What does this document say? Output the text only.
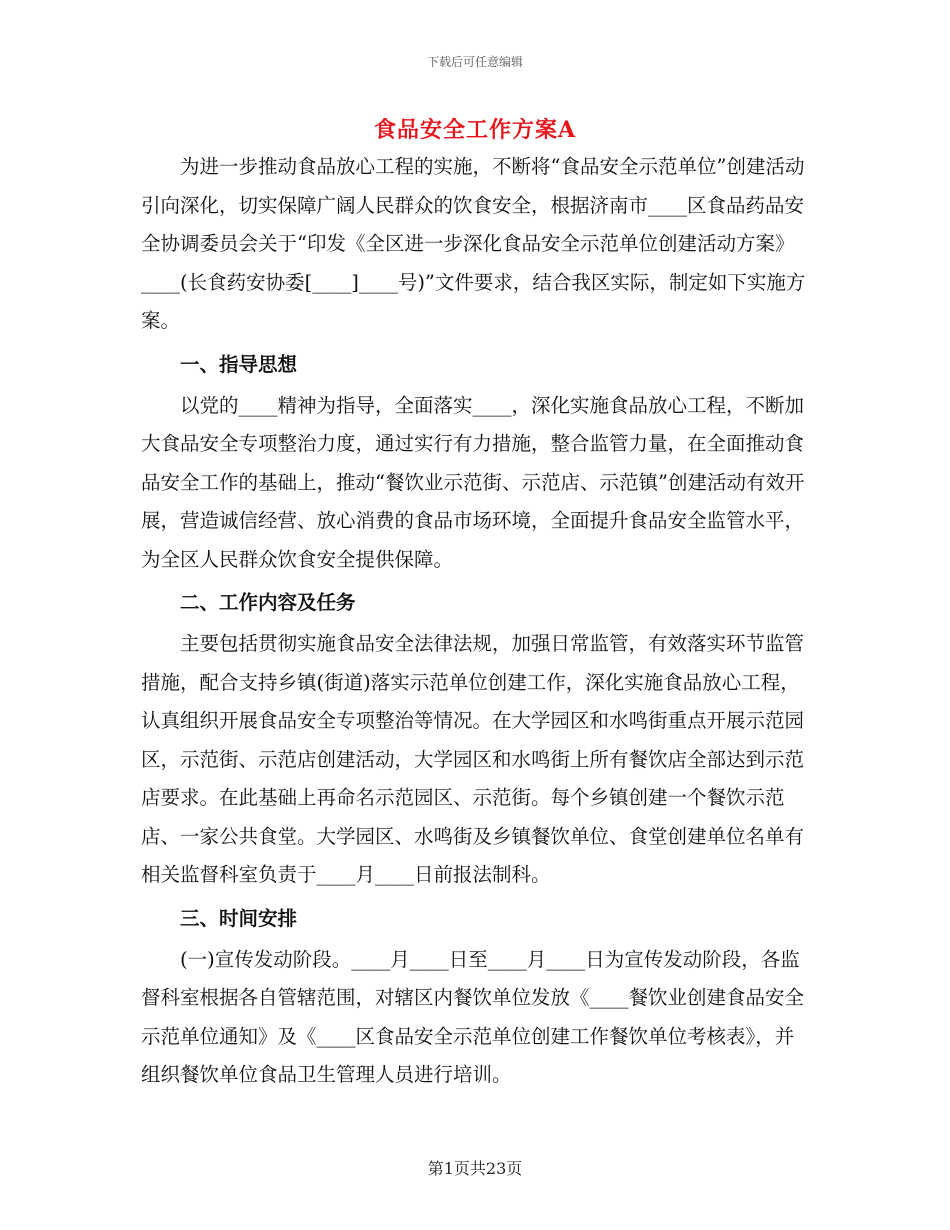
下载后可任意编辑
食品安全工作方案A

为进一步推动食品放心工程的实施，不断将“食品安全示范单位”创建活动引向深化，切实保障广阔人民群众的饮食安全，根据济南市____区食品药品安全协调委员会关于“印发《全区进一步深化食品安全示范单位创建活动方案》____(长食药安协委[____]____号)”文件要求，结合我区实际，制定如下实施方案。

一、指导思想

以党的____精神为指导，全面落实____，深化实施食品放心工程，不断加大食品安全专项整治力度，通过实行有力措施，整合监管力量，在全面推动食品安全工作的基础上，推动“餐饮业示范街、示范店、示范镇”创建活动有效开展，营造诚信经营、放心消费的食品市场环境，全面提升食品安全监管水平，为全区人民群众饮食安全提供保障。

二、工作内容及任务

主要包括贯彻实施食品安全法律法规，加强日常监管，有效落实环节监管措施，配合支持乡镇(街道)落实示范单位创建工作，深化实施食品放心工程，认真组织开展食品安全专项整治等情况。在大学园区和水鸣街重点开展示范园区，示范街、示范店创建活动，大学园区和水鸣街上所有餐饮店全部达到示范店要求。在此基础上再命名示范园区、示范街。每个乡镇创建一个餐饮示范店、一家公共食堂。大学园区、水鸣街及乡镇餐饮单位、食堂创建单位名单有相关监督科室负责于____月____日前报法制科。

三、时间安排

(一)宣传发动阶段。____月____日至____月____日为宣传发动阶段，各监督科室根据各自管辖范围，对辖区内餐饮单位发放《____餐饮业创建食品安全示范单位通知》及《____区食品安全示范单位创建工作餐饮单位考核表》，并组织餐饮单位食品卫生管理人员进行培训。

第1页共23页
